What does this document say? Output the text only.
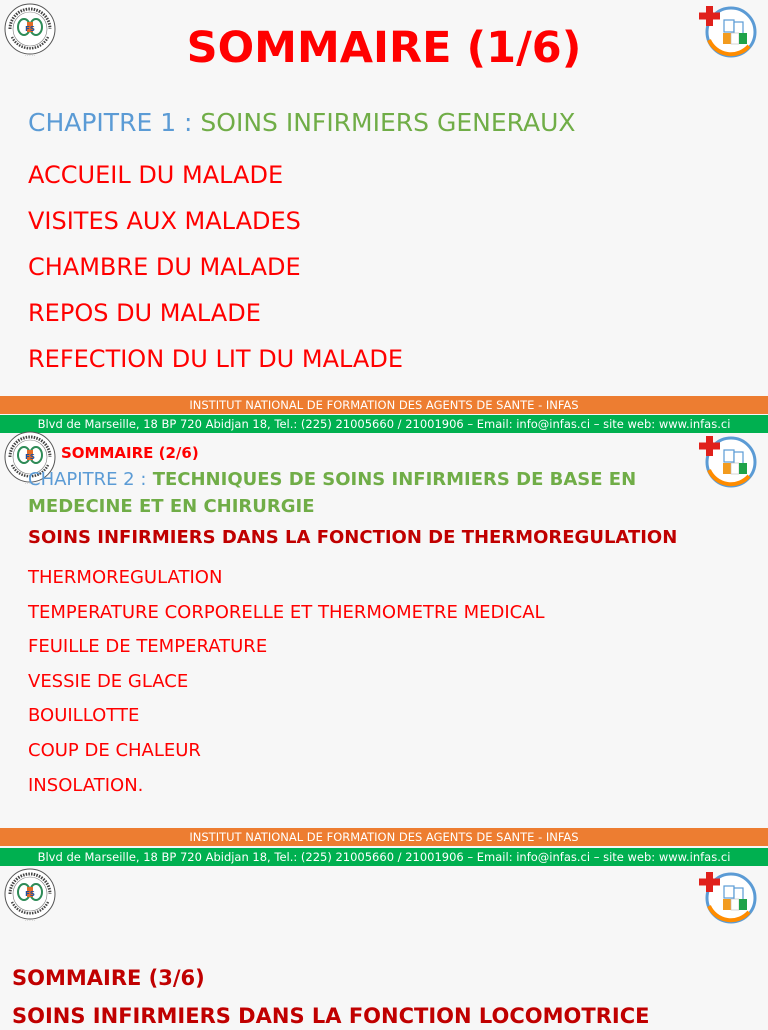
SOMMAIRE (1/6)

CHAPITRE 1 : SOINS INFIRMIERS GENERAUX

ACCUEIL DU MALADE
VISITES AUX MALADES
CHAMBRE DU MALADE
REPOS DU MALADE
REFECTION DU LIT DU MALADE
INSTITUT NATIONAL DE FORMATION DES AGENTS DE SANTE - INFAS
Blvd de Marseille, 18 BP 720 Abidjan 18, Tel.: (225) 21005660 / 21001906 – Email: info@infas.ci – site web: www.infas.ci
SOMMAIRE (2/6)

CHAPITRE 2 : TECHNIQUES DE SOINS INFIRMIERS DE BASE EN MEDECINE ET EN CHIRURGIE

SOINS INFIRMIERS DANS LA FONCTION DE THERMOREGULATION

THERMOREGULATION
TEMPERATURE CORPORELLE ET THERMOMETRE MEDICAL
FEUILLE DE TEMPERATURE
VESSIE DE GLACE
BOUILLOTTE
COUP DE CHALEUR
INSOLATION.
INSTITUT NATIONAL DE FORMATION DES AGENTS DE SANTE - INFAS
Blvd de Marseille, 18 BP 720 Abidjan 18, Tel.: (225) 21005660 / 21001906 – Email: info@infas.ci – site web: www.infas.ci
SOMMAIRE (3/6)

SOINS INFIRMIERS DANS LA FONCTION LOCOMOTRICE
